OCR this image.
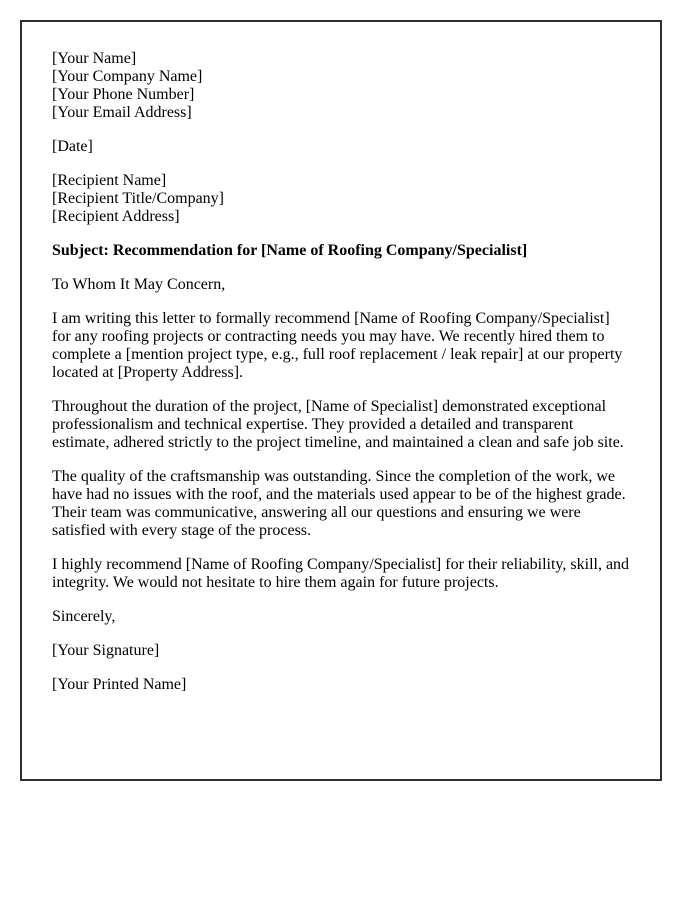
[Your Name]
[Your Company Name]
[Your Phone Number]
[Your Email Address]

[Date]

[Recipient Name]
[Recipient Title/Company]
[Recipient Address]

Subject: Recommendation for [Name of Roofing Company/Specialist]

To Whom It May Concern,

I am writing this letter to formally recommend [Name of Roofing Company/Specialist] for any roofing projects or contracting needs you may have. We recently hired them to complete a [mention project type, e.g., full roof replacement / leak repair] at our property located at [Property Address].

Throughout the duration of the project, [Name of Specialist] demonstrated exceptional professionalism and technical expertise. They provided a detailed and transparent estimate, adhered strictly to the project timeline, and maintained a clean and safe job site.

The quality of the craftsmanship was outstanding. Since the completion of the work, we have had no issues with the roof, and the materials used appear to be of the highest grade. Their team was communicative, answering all our questions and ensuring we were satisfied with every stage of the process.

I highly recommend [Name of Roofing Company/Specialist] for their reliability, skill, and integrity. We would not hesitate to hire them again for future projects.

Sincerely,

[Your Signature]

[Your Printed Name]
